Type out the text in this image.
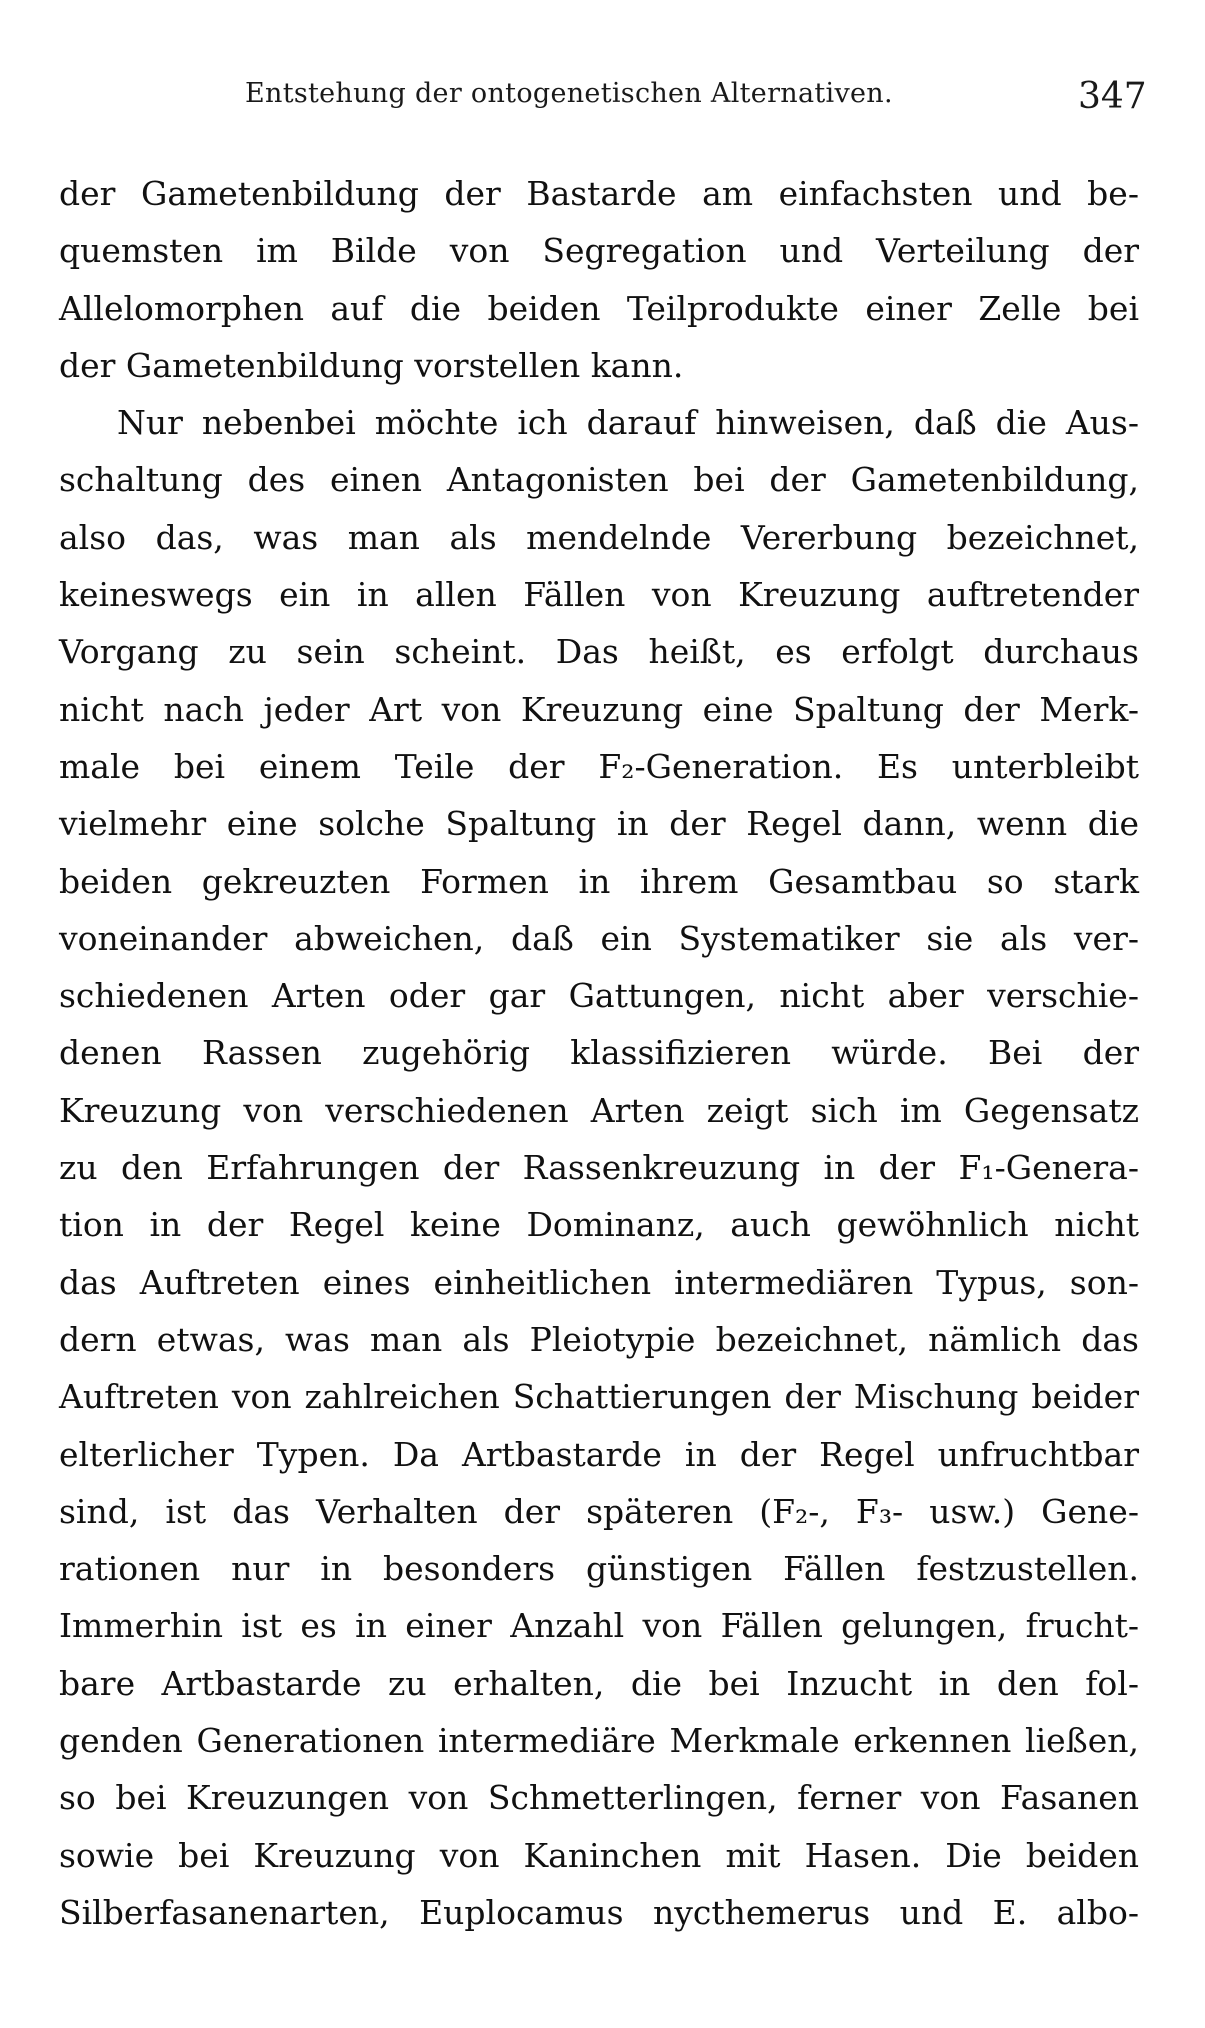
Entstehung der ontogenetischen Alternativen.	347
der Gametenbildung der Bastarde am einfachsten und be-
quemsten im Bilde von Segregation und Verteilung der
Allelomorphen auf die beiden Teilprodukte einer Zelle bei
der Gametenbildung vorstellen kann.
Nur nebenbei möchte ich darauf hinweisen, daß die Aus-
schaltung des einen Antagonisten bei der Gametenbildung,
also das, was man als mendelnde Vererbung bezeichnet,
keineswegs ein in allen Fällen von Kreuzung auftretender
Vorgang zu sein scheint. Das heißt, es erfolgt durchaus
nicht nach jeder Art von Kreuzung eine Spaltung der Merk-
male bei einem Teile der F₂-Generation. Es unterbleibt
vielmehr eine solche Spaltung in der Regel dann, wenn die
beiden gekreuzten Formen in ihrem Gesamtbau so stark
voneinander abweichen, daß ein Systematiker sie als ver-
schiedenen Arten oder gar Gattungen, nicht aber verschie-
denen Rassen zugehörig klassifizieren würde. Bei der
Kreuzung von verschiedenen Arten zeigt sich im Gegensatz
zu den Erfahrungen der Rassenkreuzung in der F₁-Genera-
tion in der Regel keine Dominanz, auch gewöhnlich nicht
das Auftreten eines einheitlichen intermediären Typus, son-
dern etwas, was man als Pleiotypie bezeichnet, nämlich das
Auftreten von zahlreichen Schattierungen der Mischung beider
elterlicher Typen. Da Artbastarde in der Regel unfruchtbar
sind, ist das Verhalten der späteren (F₂-, F₃- usw.) Gene-
rationen nur in besonders günstigen Fällen festzustellen.
Immerhin ist es in einer Anzahl von Fällen gelungen, frucht-
bare Artbastarde zu erhalten, die bei Inzucht in den fol-
genden Generationen intermediäre Merkmale erkennen ließen,
so bei Kreuzungen von Schmetterlingen, ferner von Fasanen
sowie bei Kreuzung von Kaninchen mit Hasen. Die beiden
Silberfasanenarten, Euplocamus nycthemerus und E. albo-
